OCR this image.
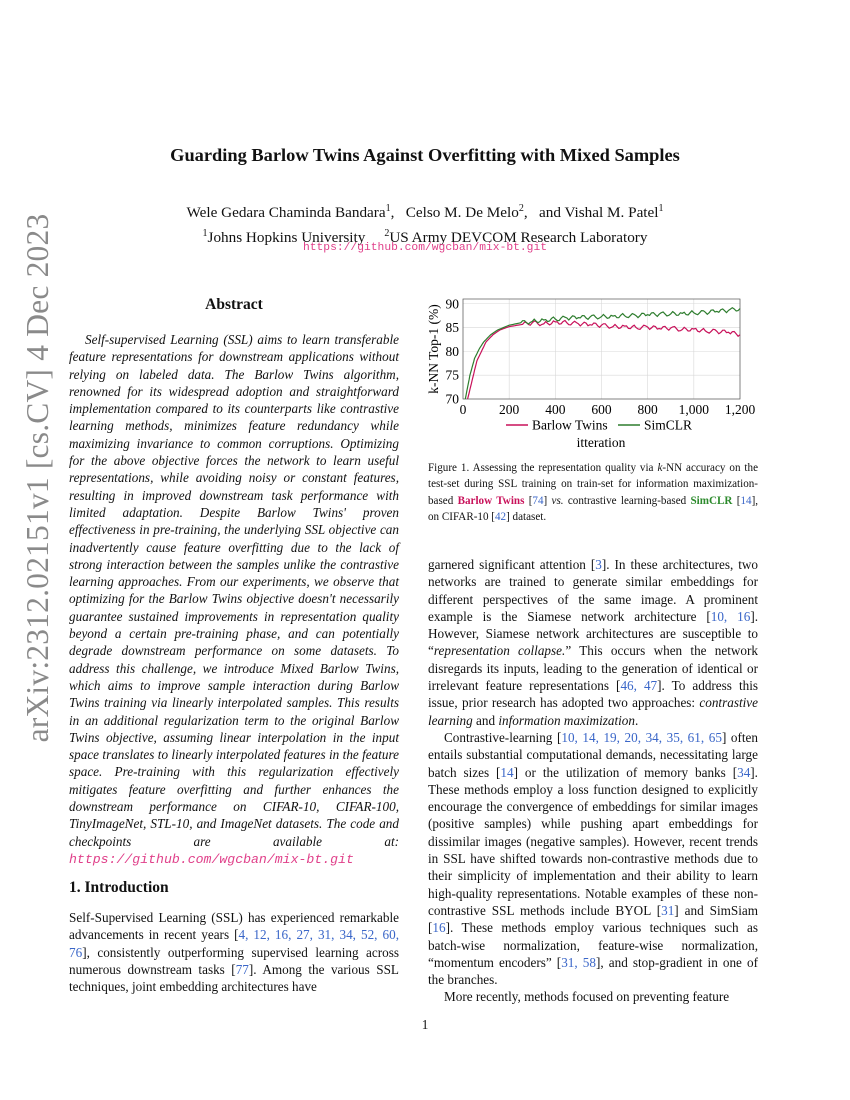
arXiv:2312.02151v1 [cs.CV] 4 Dec 2023
Guarding Barlow Twins Against Overfitting with Mixed Samples
Wele Gedara Chaminda Bandara$^1$,   Celso M. De Melo$^2$,   and Vishal M. Patel$^1$
$^1$Johns Hopkins University $^2$US Army DEVCOM Research Laboratory
https://github.com/wgcban/mix-bt.git
Abstract
Self-supervised Learning (SSL) aims to learn transferable feature representations for downstream applications without relying on labeled data. The Barlow Twins algorithm, renowned for its widespread adoption and straightforward implementation compared to its counterparts like contrastive learning methods, minimizes feature redundancy while maximizing invariance to common corruptions. Optimizing for the above objective forces the network to learn useful representations, while avoiding noisy or constant features, resulting in improved downstream task performance with limited adaptation. Despite Barlow Twins' proven effectiveness in pre-training, the underlying SSL objective can inadvertently cause feature overfitting due to the lack of strong interaction between the samples unlike the contrastive learning approaches. From our experiments, we observe that optimizing for the Barlow Twins objective doesn't necessarily guarantee sustained improvements in representation quality beyond a certain pre-training phase, and can potentially degrade downstream performance on some datasets. To address this challenge, we introduce Mixed Barlow Twins, which aims to improve sample interaction during Barlow Twins training via linearly interpolated samples. This results in an additional regularization term to the original Barlow Twins objective, assuming linear interpolation in the input space translates to linearly interpolated features in the feature space. Pre-training with this regularization effectively mitigates feature overfitting and further enhances the downstream performance on CIFAR-10, CIFAR-100, TinyImageNet, STL-10, and ImageNet datasets. The code and checkpoints are available at: https://github.com/wgcban/mix-bt.git
1. Introduction
Self-Supervised Learning (SSL) has experienced remarkable advancements in recent years [4, 12, 16, 27, 31, 34, 52, 60, 76], consistently outperforming supervised learning across numerous downstream tasks [77]. Among the various SSL techniques, joint embedding architectures have
0 200 400 600 800 1,000 1,200
70
75
80
85
90
k-NN Top-1 (%)
Barlow Twins	SimCLR
itteration
Figure 1. Assessing the representation quality via k-NN accuracy on the test-set during SSL training on train-set for information maximization-based Barlow Twins [74] vs. contrastive learning-based SimCLR [14], on CIFAR-10 [42] dataset.

garnered significant attention [3]. In these architectures, two networks are trained to generate similar embeddings for different perspectives of the same image. A prominent example is the Siamese network architecture [10, 16]. However, Siamese network architectures are susceptible to “representation collapse.” This occurs when the network disregards its inputs, leading to the generation of identical or irrelevant feature representations [46, 47]. To address this issue, prior research has adopted two approaches: contrastive learning and information maximization.

Contrastive-learning [10, 14, 19, 20, 34, 35, 61, 65] often entails substantial computational demands, necessitating large batch sizes [14] or the utilization of memory banks [34]. These methods employ a loss function designed to explicitly encourage the convergence of embeddings for similar images (positive samples) while pushing apart embeddings for dissimilar images (negative samples). However, recent trends in SSL have shifted towards non-contrastive methods due to their simplicity of implementation and their ability to learn high-quality representations. Notable examples of these non-contrastive SSL methods include BYOL [31] and SimSiam [16]. These methods employ various techniques such as batch-wise normalization, feature-wise normalization, “momentum encoders” [31, 58], and stop-gradient in one of the branches.

More recently, methods focused on preventing feature

1
